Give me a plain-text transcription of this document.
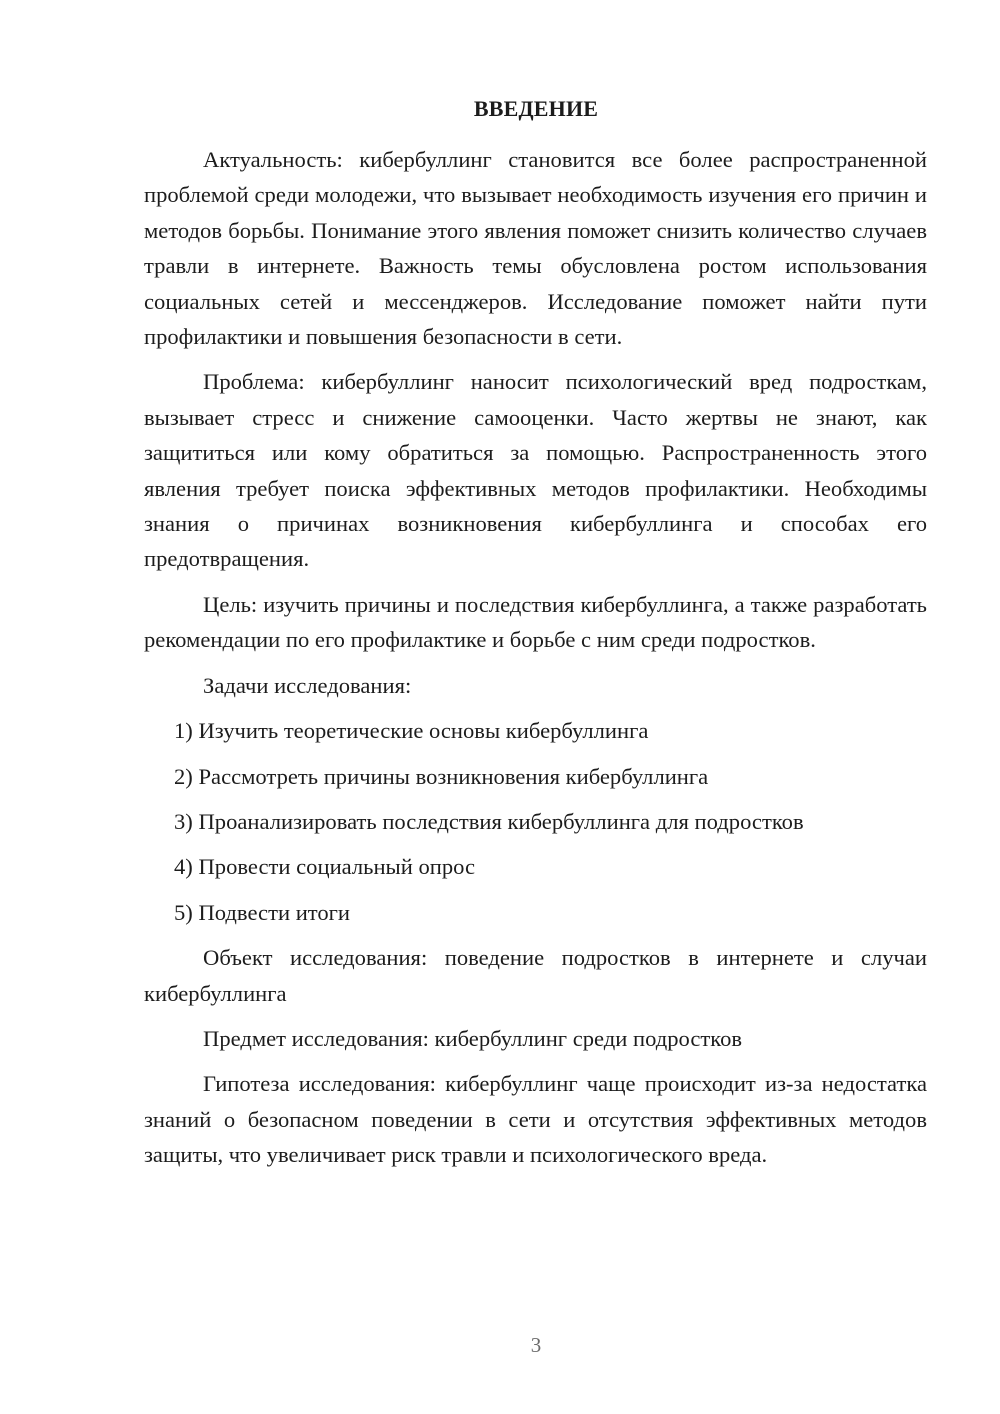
ВВЕДЕНИЕ

Актуальность: кибербуллинг становится все более распространенной проблемой среди молодежи, что вызывает необходимость изучения его причин и методов борьбы. Понимание этого явления поможет снизить количество случаев травли в интернете. Важность темы обусловлена ростом использования социальных сетей и мессенджеров. Исследование поможет найти пути профилактики и повышения безопасности в сети.

Проблема: кибербуллинг наносит психологический вред подросткам, вызывает стресс и снижение самооценки. Часто жертвы не знают, как защититься или кому обратиться за помощью. Распространенность этого явления требует поиска эффективных методов профилактики. Необходимы знания о причинах возникновения кибербуллинга и способах его предотвращения.

Цель: изучить причины и последствия кибербуллинга, а также разработать рекомендации по его профилактике и борьбе с ним среди подростков.

Задачи исследования:

1) Изучить теоретические основы кибербуллинга
2) Рассмотреть причины возникновения кибербуллинга
3) Проанализировать последствия кибербуллинга для подростков
4) Провести социальный опрос
5) Подвести итоги

Объект исследования: поведение подростков в интернете и случаи кибербуллинга

Предмет исследования: кибербуллинг среди подростков

Гипотеза исследования: кибербуллинг чаще происходит из-за недостатка знаний о безопасном поведении в сети и отсутствия эффективных методов защиты, что увеличивает риск травли и психологического вреда.

3
